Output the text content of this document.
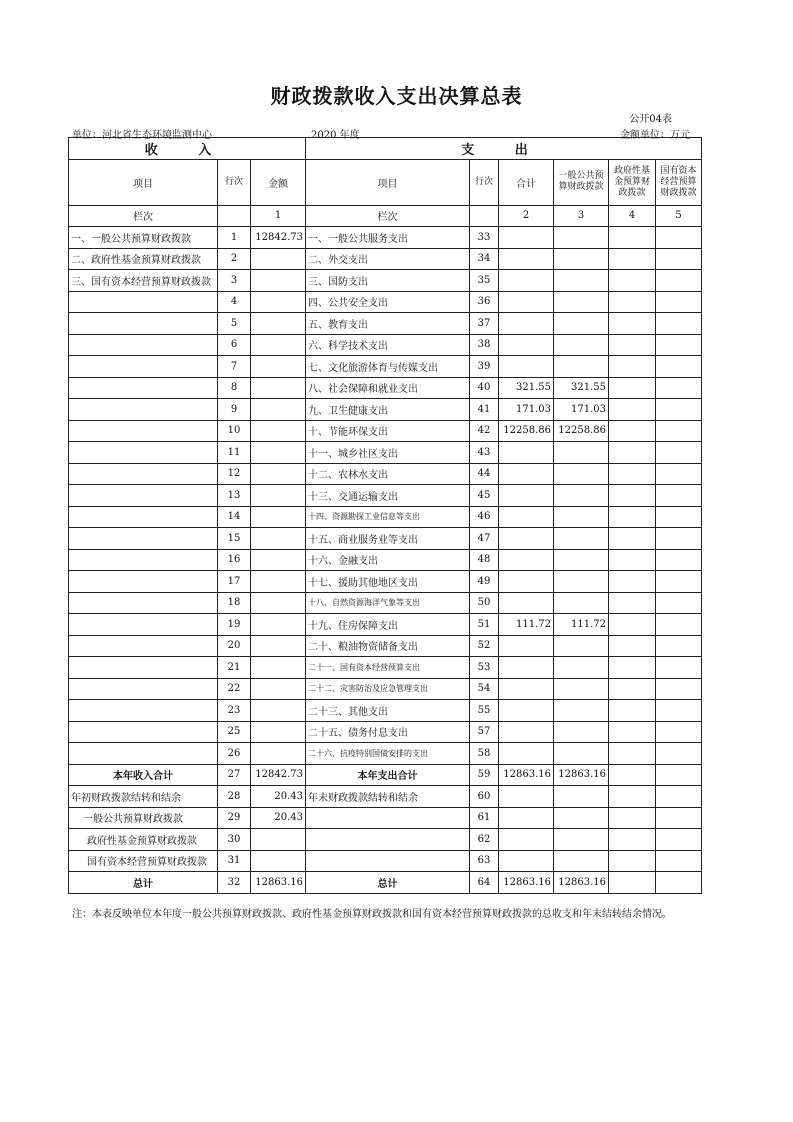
财政拨款收入支出决算总表
公开04表
单位：河北省生态环境监测中心	2020 年度	金额单位：万元
收 入			支 出					
项目	行次	金额	项目	行次	合计	一般公共预算财政拨款	政府性基金预算财政拨款	国有资本经营预算财政拨款
栏次		1	栏次		2	3	4	5
一、一般公共预算财政拨款	1	12842.73	一、一般公共服务支出	33				
二、政府性基金预算财政拨款	2		二、外交支出	34				
三、国有资本经营预算财政拨款	3		三、国防支出	35				
	4		四、公共安全支出	36				
	5		五、教育支出	37				
	6		六、科学技术支出	38				
	7		七、文化旅游体育与传媒支出	39				
	8		八、社会保障和就业支出	40	321.55	321.55		
	9		九、卫生健康支出	41	171.03	171.03		
	10		十、节能环保支出	42	12258.86	12258.86		
	11		十一、城乡社区支出	43				
	12		十二、农林水支出	44				
	13		十三、交通运输支出	45				
	14		十四、资源勘探工业信息等支出	46				
	15		十五、商业服务业等支出	47				
	16		十六、金融支出	48				
	17		十七、援助其他地区支出	49				
	18		十八、自然资源海洋气象等支出	50				
	19		十九、住房保障支出	51	111.72	111.72		
	20		二十、粮油物资储备支出	52				
	21		二十一、国有资本经营预算支出	53				
	22		二十二、灾害防治及应急管理支出	54				
	23		二十三、其他支出	55				
	25		二十五、债务付息支出	57				
	26		二十六、抗疫特别国债安排的支出	58				
本年收入合计	27	12842.73	本年支出合计	59	12863.16	12863.16		
年初财政拨款结转和结余	28	20.43	年末财政拨款结转和结余	60				
一般公共预算财政拨款	29	20.43		61				
政府性基金预算财政拨款	30			62				
国有资本经营预算财政拨款	31			63				
总计	32	12863.16	总计	64	12863.16	12863.16		
注：本表反映单位本年度一般公共预算财政拨款、政府性基金预算财政拨款和国有资本经营预算财政拨款的总收支和年末结转结余情况。
